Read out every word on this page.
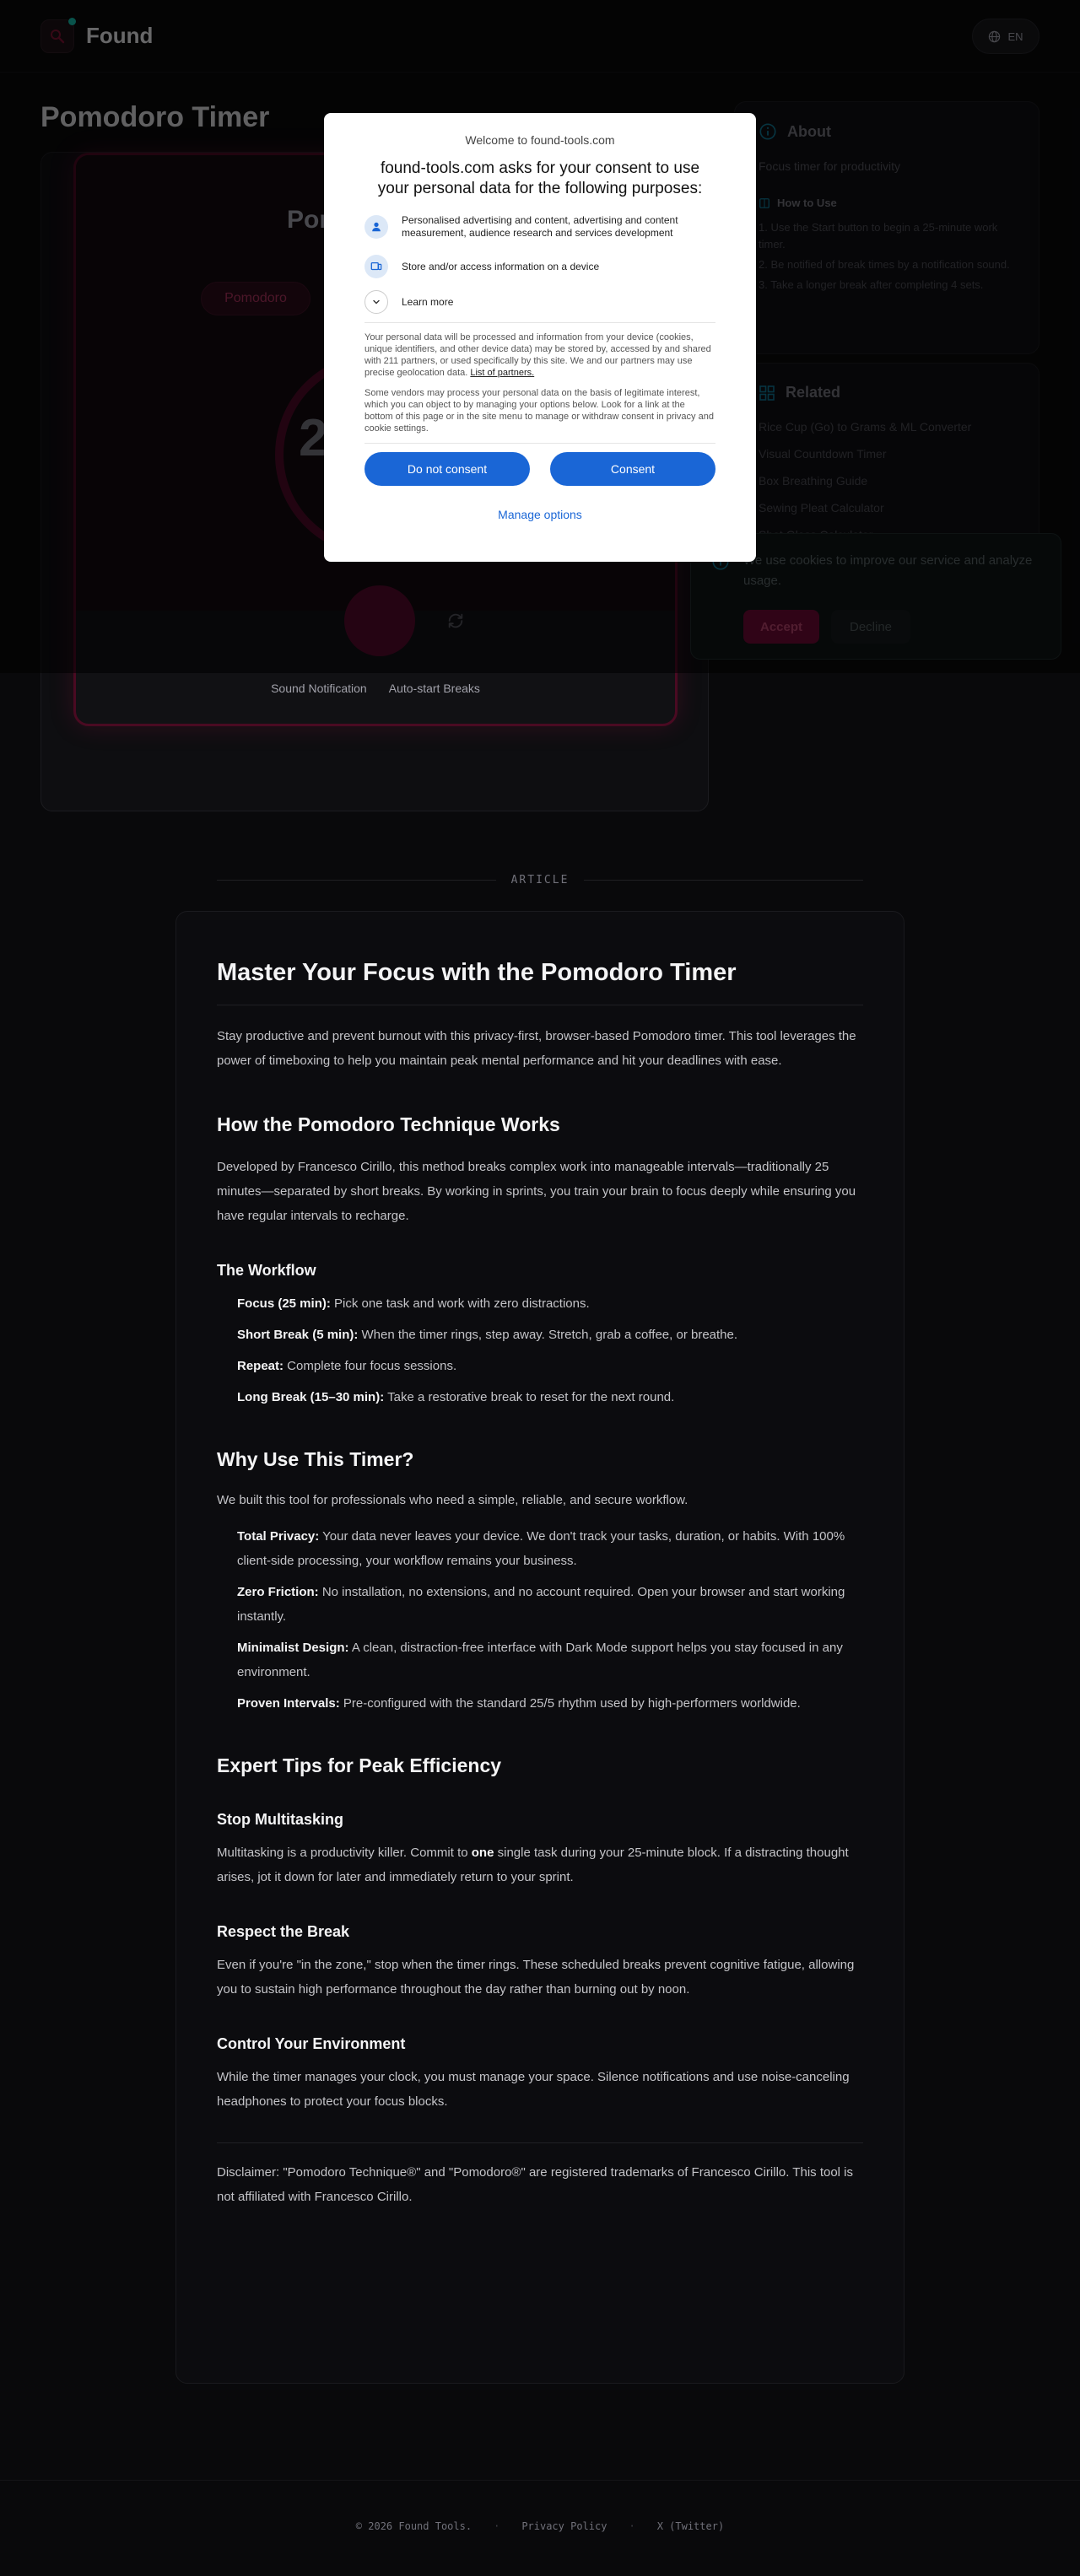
Sound Notification Auto-start Breaks
Welcome to found-tools.com
found-tools.com asks for your consent to use your personal data for the following purposes:
Personalised advertising and content, advertising and content measurement, audience research and services development
Store and/or access information on a device
Learn more
Your personal data will be processed and information from your device (cookies, unique identifiers, and other device data) may be stored by, accessed by and shared with 211 partners, or used specifically by this site. We and our partners may use precise geolocation data. List of partners.
Some vendors may process your personal data on the basis of legitimate interest, which you can object to by managing your options below. Look for a link at the bottom of this page or in the site menu to manage or withdraw consent in privacy and cookie settings.
Do not consent	Consent
Manage options
ARTICLE
Master Your Focus with the Pomodoro Timer

Stay productive and prevent burnout with this privacy-first, browser-based Pomodoro timer. This tool leverages the power of timeboxing to help you maintain peak mental performance and hit your deadlines with ease.

How the Pomodoro Technique Works

Developed by Francesco Cirillo, this method breaks complex work into manageable intervals—traditionally 25 minutes—separated by short breaks. By working in sprints, you train your brain to focus deeply while ensuring you have regular intervals to recharge.

The Workflow
Focus (25 min): Pick one task and work with zero distractions.
Short Break (5 min): When the timer rings, step away. Stretch, grab a coffee, or breathe.
Repeat: Complete four focus sessions.
Long Break (15–30 min): Take a restorative break to reset for the next round.
Why Use This Timer?

We built this tool for professionals who need a simple, reliable, and secure workflow.

Total Privacy: Your data never leaves your device. We don't track your tasks, duration, or habits. With 100% client-side processing, your workflow remains your business.
Zero Friction: No installation, no extensions, and no account required. Open your browser and start working instantly.
Minimalist Design: A clean, distraction-free interface with Dark Mode support helps you stay focused in any environment.
Proven Intervals: Pre-configured with the standard 25/5 rhythm used by high-performers worldwide.
Expert Tips for Peak Efficiency
Stop Multitasking

Multitasking is a productivity killer. Commit to one single task during your 25-minute block. If a distracting thought arises, jot it down for later and immediately return to your sprint.

Respect the Break

Even if you're "in the zone," stop when the timer rings. These scheduled breaks prevent cognitive fatigue, allowing you to sustain high performance throughout the day rather than burning out by noon.

Control Your Environment

While the timer manages your clock, you must manage your space. Silence notifications and use noise-canceling headphones to protect your focus blocks.

Disclaimer: "Pomodoro Technique®" and "Pomodoro®" are registered trademarks of Francesco Cirillo. This tool is not affiliated with Francesco Cirillo.

© 2026 Found Tools. · Privacy Policy · X (Twitter)
